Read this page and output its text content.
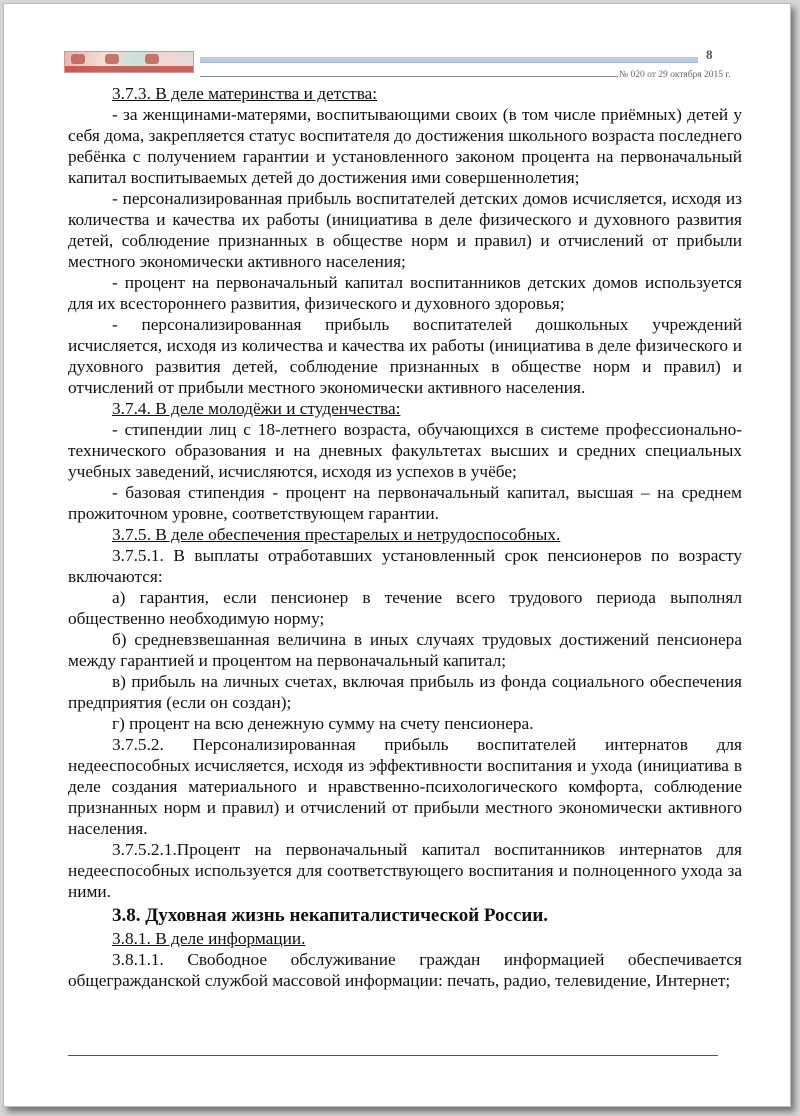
8
№ 020 от 29 октября 2015 г.

3.7.3. В деле материнства и детства:

- за женщинами-матерями, воспитывающими своих (в том числе приёмных) детей у себя дома, закрепляется статус воспитателя до достижения школьного возраста последнего ребёнка с получением гарантии и установленного законом процента на первоначальный капитал воспитываемых детей до достижения ими совершеннолетия;

- персонализированная прибыль воспитателей детских домов исчисляется, исходя из количества и качества их работы (инициатива в деле физического и духовного развития детей, соблюдение признанных в обществе норм и правил) и отчислений от прибыли местного экономически активного населения;

- процент на первоначальный капитал воспитанников детских домов используется для их всестороннего развития, физического и духовного здоровья;

- персонализированная прибыль воспитателей дошкольных учреждений исчисляется, исходя из количества и качества их работы (инициатива в деле физического и духовного развития детей, соблюдение признанных в обществе норм и правил) и отчислений от прибыли местного экономически активного населения.

3.7.4. В деле молодёжи и студенчества:

- стипендии лиц с 18-летнего возраста, обучающихся в системе профессионально-технического образования и на дневных факультетах высших и средних специальных учебных заведений, исчисляются, исходя из успехов в учёбе;

- базовая стипендия - процент на первоначальный капитал, высшая – на среднем прожиточном уровне, соответствующем гарантии.

3.7.5. В деле обеспечения престарелых и нетрудоспособных.

3.7.5.1. В выплаты отработавших установленный срок пенсионеров по возрасту включаются:

а) гарантия, если пенсионер в течение всего трудового периода выполнял общественно необходимую норму;

б) средневзвешанная величина в иных случаях трудовых достижений пенсионера между гарантией и процентом на первоначальный капитал;

в) прибыль на личных счетах, включая прибыль из фонда социального обеспечения предприятия (если он создан);

г) процент на всю денежную сумму на счету пенсионера.

3.7.5.2. Персонализированная прибыль воспитателей интернатов для недееспособных исчисляется, исходя из эффективности воспитания и ухода (инициатива в деле создания материального и нравственно-психологического комфорта, соблюдение признанных норм и правил) и отчислений от прибыли местного экономически активного населения.

3.7.5.2.1.Процент на первоначальный капитал воспитанников интернатов для недееспособных используется для соответствующего воспитания и полноценного ухода за ними.

3.8. Духовная жизнь некапиталистической России.

3.8.1. В деле информации.

3.8.1.1. Свободное обслуживание граждан информацией обеспечивается общегражданской службой массовой информации: печать, радио, телевидение, Интернет;
